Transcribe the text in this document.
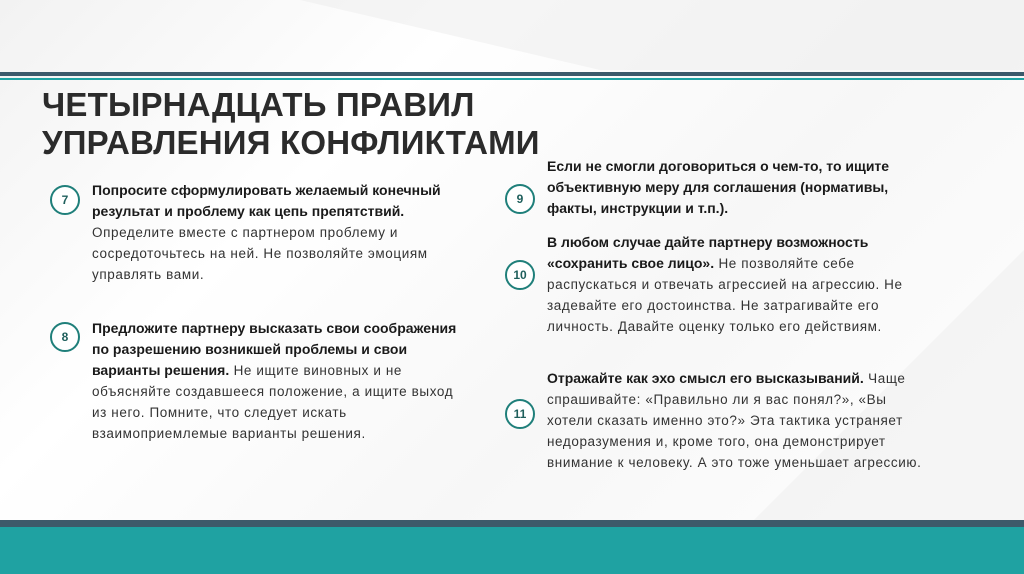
ЧЕТЫРНАДЦАТЬ ПРАВИЛ
УПРАВЛЕНИЯ КОНФЛИКТАМИ
7
Попросите сформулировать желаемый конечный результат и проблему как цепь препятствий. Определите вместе с партнером проблему и сосредоточьтесь на ней. Не позволяйте эмоциям управлять вами.
8
Предложите партнеру высказать свои соображения по разрешению возникшей проблемы и свои варианты решения. Не ищите виновных и не объясняйте создавшееся положение, а ищите выход из него. Помните, что следует искать взаимоприемлемые варианты решения.
9
Если не смогли договориться о чем-то, то ищите объективную меру для соглашения (нормативы, факты, инструкции и т.п.).
10
В любом случае дайте партнеру возможность «сохранить свое лицо». Не позволяйте себе распускаться и отвечать агрессией на агрессию. Не задевайте его достоинства. Не затрагивайте его личность. Давайте оценку только его действиям.
11
Отражайте как эхо смысл его высказываний. Чаще спрашивайте: «Правильно ли я вас понял?», «Вы хотели сказать именно это?» Эта тактика устраняет недоразумения и, кроме того, она демонстрирует внимание к человеку. А это тоже уменьшает агрессию.
